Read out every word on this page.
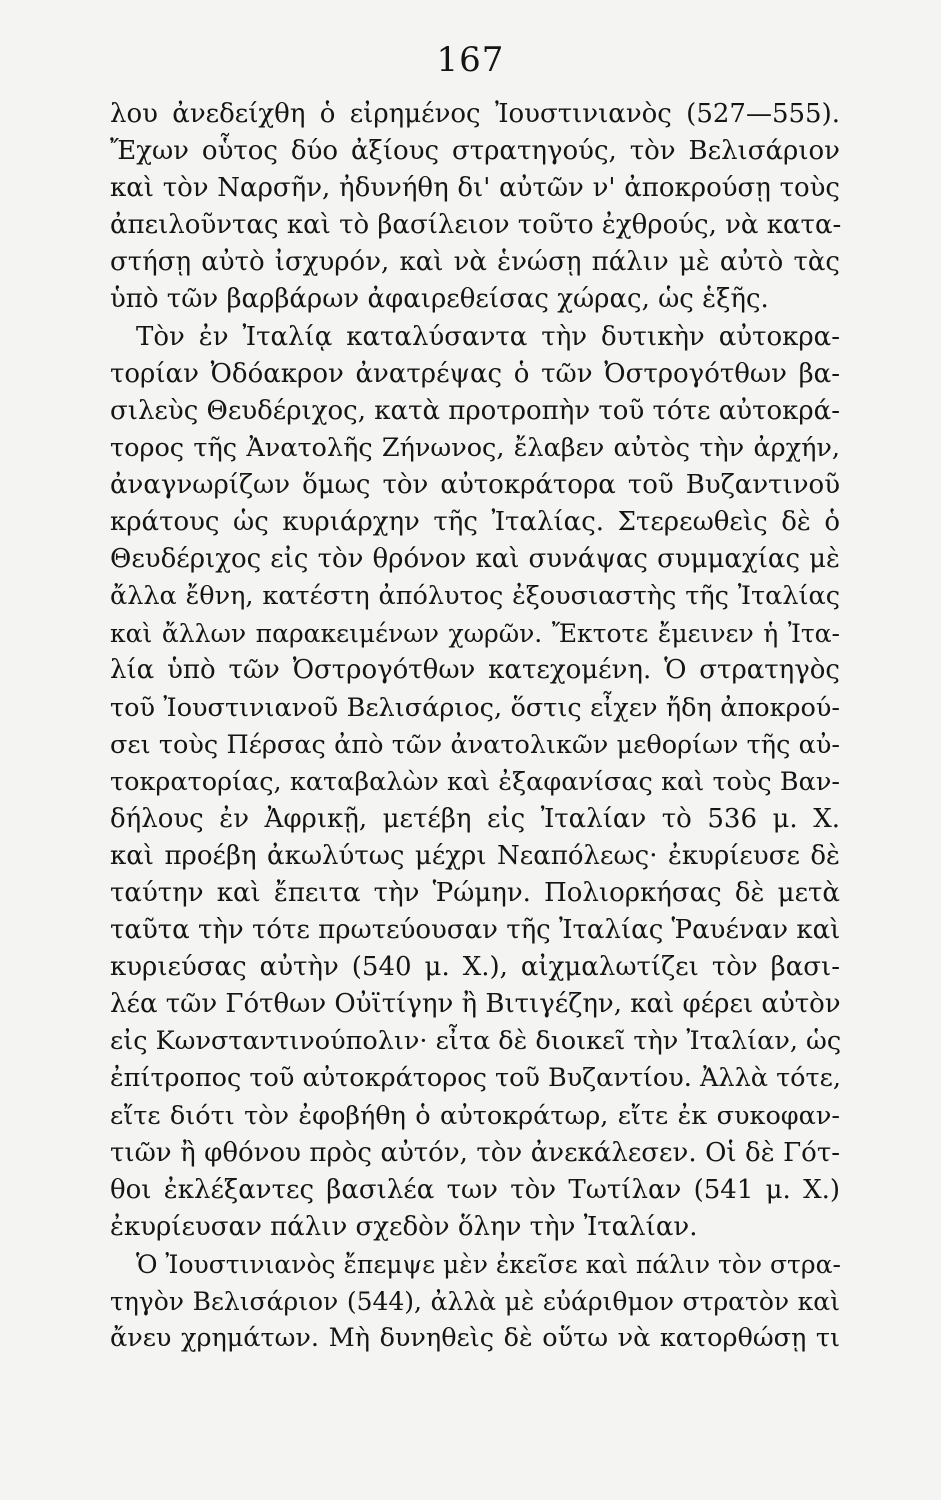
167
λου ἀνεδείχθη ὁ εἰρημένος Ἰουστινιανὸς (527—555).
Ἔχων οὗτος δύο ἀξίους στρατηγούς, τὸν Βελισάριον
καὶ τὸν Ναρσῆν, ἠδυνήθη δι' αὐτῶν ν' ἀποκρούσῃ τοὺς
ἀπειλοῦντας καὶ τὸ βασίλειον τοῦτο ἐχθρούς, νὰ κατα-
στήσῃ αὐτὸ ἰσχυρόν, καὶ νὰ ἑνώσῃ πάλιν μὲ αὐτὸ τὰς
ὑπὸ τῶν βαρβάρων ἀφαιρεθείσας χώρας, ὡς ἑξῆς.
Τὸν ἐν Ἰταλίᾳ καταλύσαντα τὴν δυτικὴν αὐτοκρα-
τορίαν Ὀδόακρον ἀνατρέψας ὁ τῶν Ὀστρογότθων βα-
σιλεὺς Θευδέριχος, κατὰ προτροπὴν τοῦ τότε αὐτοκρά-
τορος τῆς Ἀνατολῆς Ζήνωνος, ἔλαβεν αὐτὸς τὴν ἀρχήν,
ἀναγνωρίζων ὅμως τὸν αὐτοκράτορα τοῦ Βυζαντινοῦ
κράτους ὡς κυριάρχην τῆς Ἰταλίας. Στερεωθεὶς δὲ ὁ
Θευδέριχος εἰς τὸν θρόνον καὶ συνάψας συμμαχίας μὲ
ἄλλα ἔθνη, κατέστη ἀπόλυτος ἐξουσιαστὴς τῆς Ἰταλίας
καὶ ἄλλων παρακειμένων χωρῶν. Ἔκτοτε ἔμεινεν ἡ Ἰτα-
λία ὑπὸ τῶν Ὀστρογότθων κατεχομένη. Ὁ στρατηγὸς
τοῦ Ἰουστινιανοῦ Βελισάριος, ὅστις εἶχεν ἤδη ἀποκρού-
σει τοὺς Πέρσας ἀπὸ τῶν ἀνατολικῶν μεθορίων τῆς αὐ-
τοκρατορίας, καταβαλὼν καὶ ἐξαφανίσας καὶ τοὺς Βαν-
δήλους ἐν Ἀφρικῇ, μετέβη εἰς Ἰταλίαν τὸ 536 μ. Χ.
καὶ προέβη ἀκωλύτως μέχρι Νεαπόλεως· ἐκυρίευσε δὲ
ταύτην καὶ ἔπειτα τὴν Ῥώμην. Πολιορκήσας δὲ μετὰ
ταῦτα τὴν τότε πρωτεύουσαν τῆς Ἰταλίας Ῥαυέναν καὶ
κυριεύσας αὐτὴν (540 μ. Χ.), αἰχμαλωτίζει τὸν βασι-
λέα τῶν Γότθων Οὐϊτίγην ἢ Βιτιγέζην, καὶ φέρει αὐτὸν
εἰς Κωνσταντινούπολιν· εἶτα δὲ διοικεῖ τὴν Ἰταλίαν, ὡς
ἐπίτροπος τοῦ αὐτοκράτορος τοῦ Βυζαντίου. Ἀλλὰ τότε,
εἴτε διότι τὸν ἐφοβήθη ὁ αὐτοκράτωρ, εἴτε ἐκ συκοφαν-
τιῶν ἢ φθόνου πρὸς αὐτόν, τὸν ἀνεκάλεσεν. Οἱ δὲ Γότ-
θοι ἐκλέξαντες βασιλέα των τὸν Τωτίλαν (541 μ. Χ.)
ἐκυρίευσαν πάλιν σχεδὸν ὅλην τὴν Ἰταλίαν.
Ὁ Ἰουστινιανὸς ἔπεμψε μὲν ἐκεῖσε καὶ πάλιν τὸν στρα-
τηγὸν Βελισάριον (544), ἀλλὰ μὲ εὐάριθμον στρατὸν καὶ
ἄνευ χρημάτων. Μὴ δυνηθεὶς δὲ οὕτω νὰ κατορθώσῃ τι
